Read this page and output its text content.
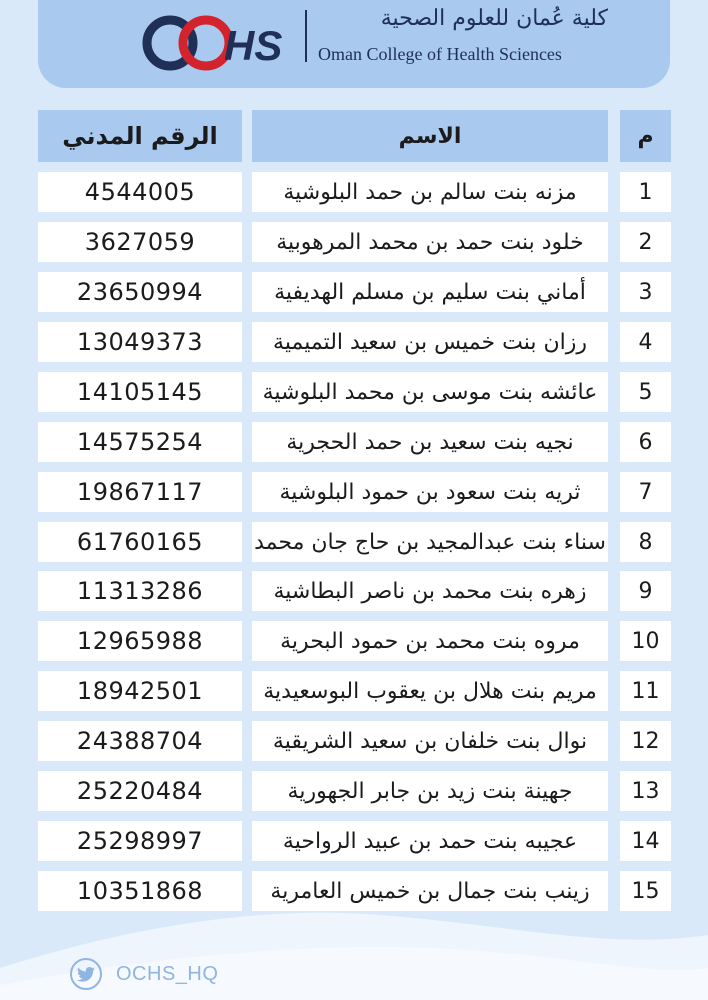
HS
كلية عُمان للعلوم الصحية
Oman College of Health Sciences
م
الاسم
الرقم المدني
1
مزنه بنت سالم بن حمد البلوشية
4544005
2
خلود بنت حمد بن محمد المرهوبية
3627059
3
أماني بنت سليم بن مسلم الهديفية
23650994
4
رزان بنت خميس بن سعيد التميمية
13049373
5
عائشه بنت موسى بن محمد البلوشية
14105145
6
نجيه بنت سعيد بن حمد الحجرية
14575254
7
ثريه بنت سعود بن حمود البلوشية
19867117
8
سناء بنت عبدالمجيد بن حاج جان محمد
61760165
9
زهره بنت محمد بن ناصر البطاشية
11313286
10
مروه بنت محمد بن حمود البحرية
12965988
11
مريم بنت هلال بن يعقوب البوسعيدية
18942501
12
نوال بنت خلفان بن سعيد الشريقية
24388704
13
جهينة بنت زيد بن جابر الجهورية
25220484
14
عجيبه بنت حمد بن عبيد الرواحية
25298997
15
زينب بنت جمال بن خميس العامرية
10351868
OCHS_HQ
